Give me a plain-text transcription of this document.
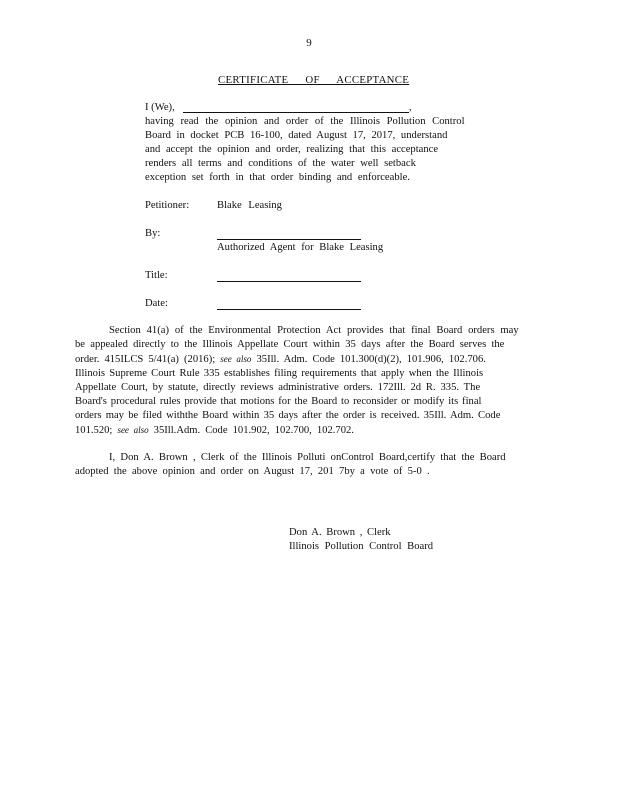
9
CERTIFICATE OF ACCEPTANCE
I (We),
having read the opinion and order of the Illinois Pollution Control
Board in docket PCB 16-100, dated August 17, 2017, understand
and accept the opinion and order, realizing that this acceptance
renders all terms and conditions of the water well setback
exception set forth in that order binding and enforceable.
,
Petitioner:	Blake Leasing
By:
Authorized Agent for Blake Leasing
Title:
Date:
Section 41(a) of the Environmental Protection Act provides that final Board orders may
be appealed directly to the Illinois Appellate Court within 35 days after the Board serves the
order. 415ILCS 5/41(a) (2016); see also 35Ill. Adm. Code 101.300(d)(2), 101.906, 102.706.
Illinois Supreme Court Rule 335 establishes filing requirements that apply when the Illinois
Appellate Court, by statute, directly reviews administrative orders. 172Ill. 2d R. 335. The
Board's procedural rules provide that motions for the Board to reconsider or modify its final
orders may be filed withthe Board within 35 days after the order is received. 35Ill. Adm. Code
101.520; see also 35Ill.Adm. Code 101.902, 102.700, 102.702.
I, Don A. Brown , Clerk of the Illinois Polluti onControl Board,certify that the Board
adopted the above opinion and order on August 17, 201 7by a vote of 5-0 .
Don A. Brown , Clerk
Illinois Pollution Control Board
